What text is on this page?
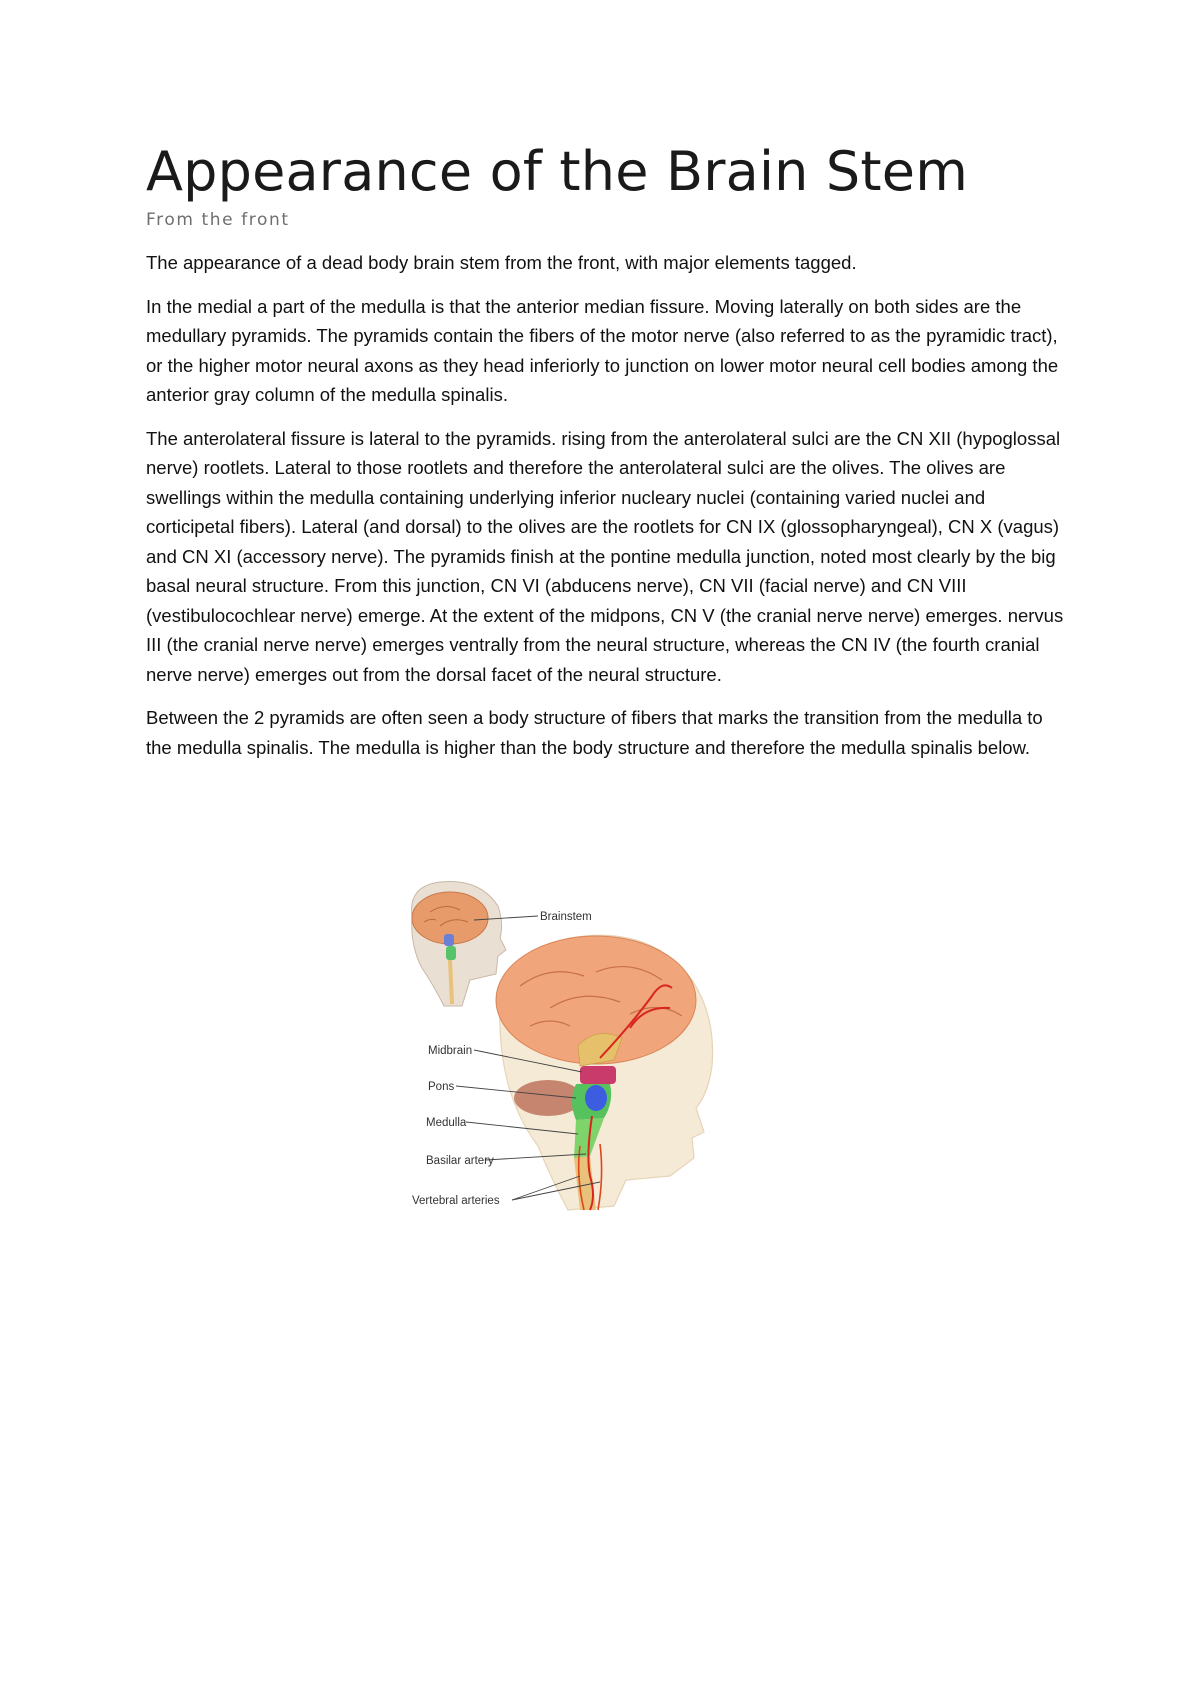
Appearance of the Brain Stem
From the front

The appearance of a dead body brain stem from the front, with major elements tagged.

In the medial a part of the medulla is that the anterior median fissure. Moving laterally on both sides are the medullary pyramids. The pyramids contain the fibers of the motor nerve (also referred to as the pyramidic tract), or the higher motor neural axons as they head inferiorly to junction on lower motor neural cell bodies among the anterior gray column of the medulla spinalis.

The anterolateral fissure is lateral to the pyramids. rising from the anterolateral sulci are the CN XII (hypoglossal nerve) rootlets. Lateral to those rootlets and therefore the anterolateral sulci are the olives. The olives are swellings within the medulla containing underlying inferior nucleary nuclei (containing varied nuclei and corticipetal fibers). Lateral (and dorsal) to the olives are the rootlets for CN IX (glossopharyngeal), CN X (vagus) and CN XI (accessory nerve). The pyramids finish at the pontine medulla junction, noted most clearly by the big basal neural structure. From this junction, CN VI (abducens nerve), CN VII (facial nerve) and CN VIII (vestibulocochlear nerve) emerge. At the extent of the midpons, CN V (the cranial nerve nerve) emerges. nervus III (the cranial nerve nerve) emerges ventrally from the neural structure, whereas the CN IV (the fourth cranial nerve nerve) emerges out from the dorsal facet of the neural structure.

Between the 2 pyramids are often seen a body structure of fibers that marks the transition from the medulla to the medulla spinalis. The medulla is higher than the body structure and therefore the medulla spinalis below.

Brainstem
Midbrain
Pons
Medulla
Basilar artery
Vertebral arteries
